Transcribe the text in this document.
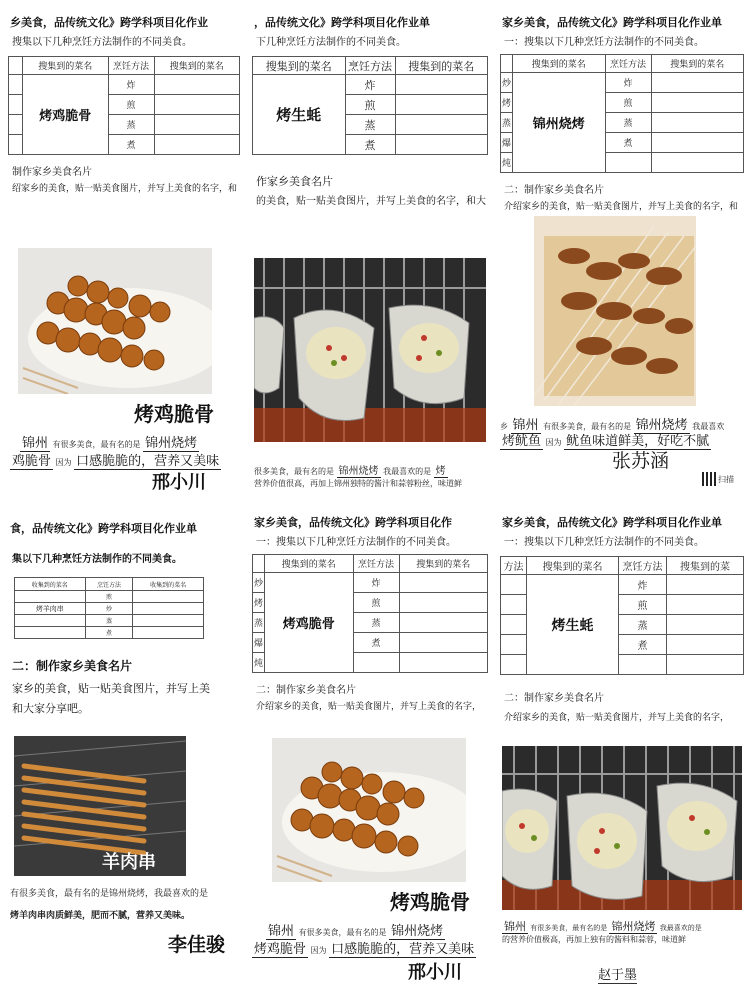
乡美食，品传统文化》跨学科项目化作业
搜集以下几种烹饪方法制作的不同美食。
	搜集到的菜名	烹饪方法	搜集到的菜名
	烤鸡脆骨	炸	
		煎	
		蒸	
		煮	
制作家乡美食名片
绍家乡的美食，贴一贴美食图片，并写上美食的名字，和
烤鸡脆骨
锦州 有很多美食，最有名的是 锦州烧烤
鸡脆骨 因为 口感脆脆的，营养又美味
邢小川
，品传统文化》跨学科项目化作业单
下几种烹饪方法制作的不同美食。
搜集到的菜名	烹饪方法	搜集到的菜名
烤生蚝	炸	
	煎	
	蒸	
	煮	
作家乡美食名片
的美食，贴一贴美食图片，并写上美食的名字，和大
很多美食，最有名的是 锦州烧烤 我最喜欢的是 烤
营养价值很高，再加上锦州独特的酱汁和蒜蓉粉丝，味道鲜
家乡美食，品传统文化》跨学科项目化作业单
一：搜集以下几种烹饪方法制作的不同美食。
	搜集到的菜名	烹饪方法	搜集到的菜名
炒	锦州烧烤	炸	
烤		煎	
蒸		蒸	
爆		煮	
炖			
二：制作家乡美食名片
介绍家乡的美食，贴一贴美食图片，并写上美食的名字，和
乡 锦州 有很多美食，最有名的是 锦州烧烤 我最喜欢
烤鱿鱼 因为 鱿鱼味道鲜美，好吃不腻
张苏涵
扫描
食，品传统文化》跨学科项目化作业单
集以下几种烹饪方法制作的不同美食。
收集到的菜名	烹饪方法	收集到的菜名
	煎	
烤羊肉串	炒	
	蒸	
	煮	
二：制作家乡美食名片
家乡的美食，贴一贴美食图片，并写上美
和大家分享吧。
羊肉串
有很多美食，最有名的是锦州烧烤，我最喜欢的是
烤羊肉串肉质鲜美，肥而不腻，营养又美味。
李佳骏
家乡美食，品传统文化》跨学科项目化作
一：搜集以下几种烹饪方法制作的不同美食。
	搜集到的菜名	烹饪方法	搜集到的菜名
炒	烤鸡脆骨	炸	
烤		煎	
蒸		蒸	
爆		煮	
炖			
二：制作家乡美食名片
介绍家乡的美食，贴一贴美食图片，并写上美食的名字，
烤鸡脆骨
锦州 有很多美食，最有名的是 锦州烧烤
烤鸡脆骨 因为 口感脆脆的，营养又美味
邢小川
家乡美食，品传统文化》跨学科项目化作业单
一：搜集以下几种烹饪方法制作的不同美食。
方法	搜集到的菜名	烹饪方法	搜集到的菜
	烤生蚝	炸	
		煎	
		蒸	
		煮	

二：制作家乡美食名片
介绍家乡的美食，贴一贴美食图片，并写上美食的名字，
锦州 有很多美食，最有名的是 锦州烧烤 我最喜欢的是
的营养价值极高，再加上独有的酱料和蒜蓉，味道鲜
赵于墨
